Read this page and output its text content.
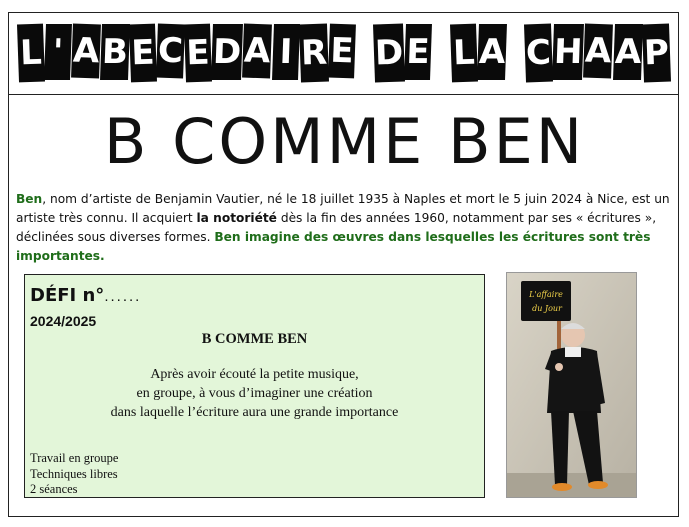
L ' A B E C E D A I R E D E L A C H A A P
B COMME BEN
Ben, nom d’artiste de Benjamin Vautier, né le 18 juillet 1935 à Naples et mort le 5 juin 2024 à Nice, est un artiste très connu. Il acquiert la notoriété dès la fin des années 1960, notamment par ses « écritures », déclinées sous diverses formes. Ben imagine des œuvres dans lesquelles les écritures sont très importantes.
DÉFI n°......
2024/2025
B COMME BEN
Après avoir écouté la petite musique,
en groupe, à vous d’imaginer une création
dans laquelle l’écriture aura une grande importance
Travail en groupe
Techniques libres
2 séances
L'affaire
du Jour
